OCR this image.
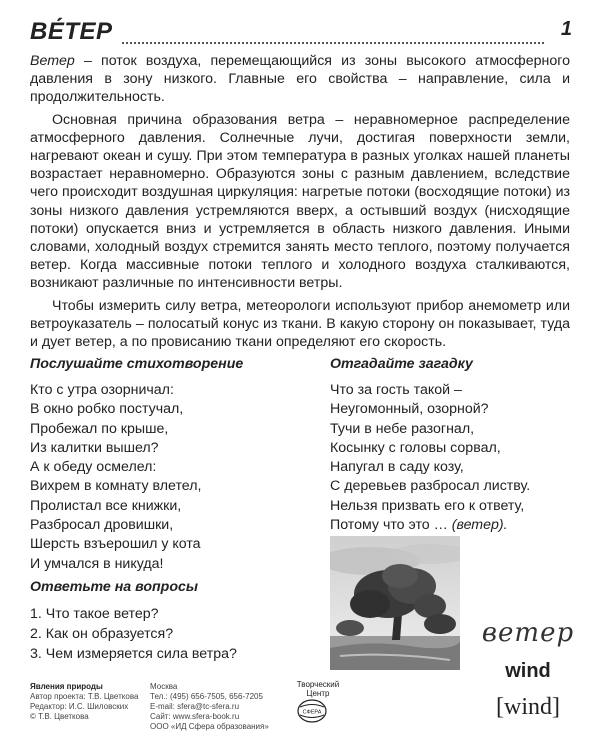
ВЕ́ТЕР	1

Ветер – поток воздуха, перемещающийся из зоны высокого атмосферного давления в зону низкого. Главные его свойства – направление, сила и продолжительность.

Основная причина образования ветра – неравномерное распределение атмосферного давления. Солнечные лучи, достигая поверхности земли, нагревают океан и сушу. При этом температура в разных уголках нашей планеты возрастает неравномерно. Образуются зоны с разным давлением, вследствие чего происходит воздушная циркуляция: нагретые потоки (восходящие потоки) из зоны низкого давления устремляются вверх, а остывший воздух (нисходящие потоки) опускается вниз и устремляется в область низкого давления. Иными словами, холодный воздух стремится занять место теплого, поэтому получается ветер. Когда массивные потоки теплого и холодного воздуха сталкиваются, возникают различные по интенсивности ветры.

Чтобы измерить силу ветра, метеорологи используют прибор анемометр или ветроуказатель – полосатый конус из ткани. В какую сторону он показывает, туда и дует ветер, а по провисанию ткани определяют его скорость.

Послушайте стихотворение
Кто с утра озорничал:
В окно робко постучал,
Пробежал по крыше,
Из калитки вышел?
А к обеду осмелел:
Вихрем в комнату влетел,
Пролистал все книжки,
Разбросал дровишки,
Шерсть взъерошил у кота
И умчался в никуда!
Отгадайте загадку
Что за гость такой –
Неугомонный, озорной?
Тучи в небе разогнал,
Косынку с головы сорвал,
Напугал в саду козу,
С деревьев разбросал листву.
Нельзя призвать его к ответу,
Потому что это … (ветер).
Ответьте на вопросы
1. Что такое ветер?
2. Как он образуется?
3. Чем измеряется сила ветра?
ветер
wind
[wind]
Явления природы
Автор проекта: Т.В. Цветкова
Редактор: И.С. Шиловских
© Т.В. Цветкова
Москва
Тел.: (495) 656-7505, 656-7205
E-mail: sfera@tc-sfera.ru
Сайт: www.sfera-book.ru
ООО «ИД Сфера образования»
Творческий Центр
СФЕРА
